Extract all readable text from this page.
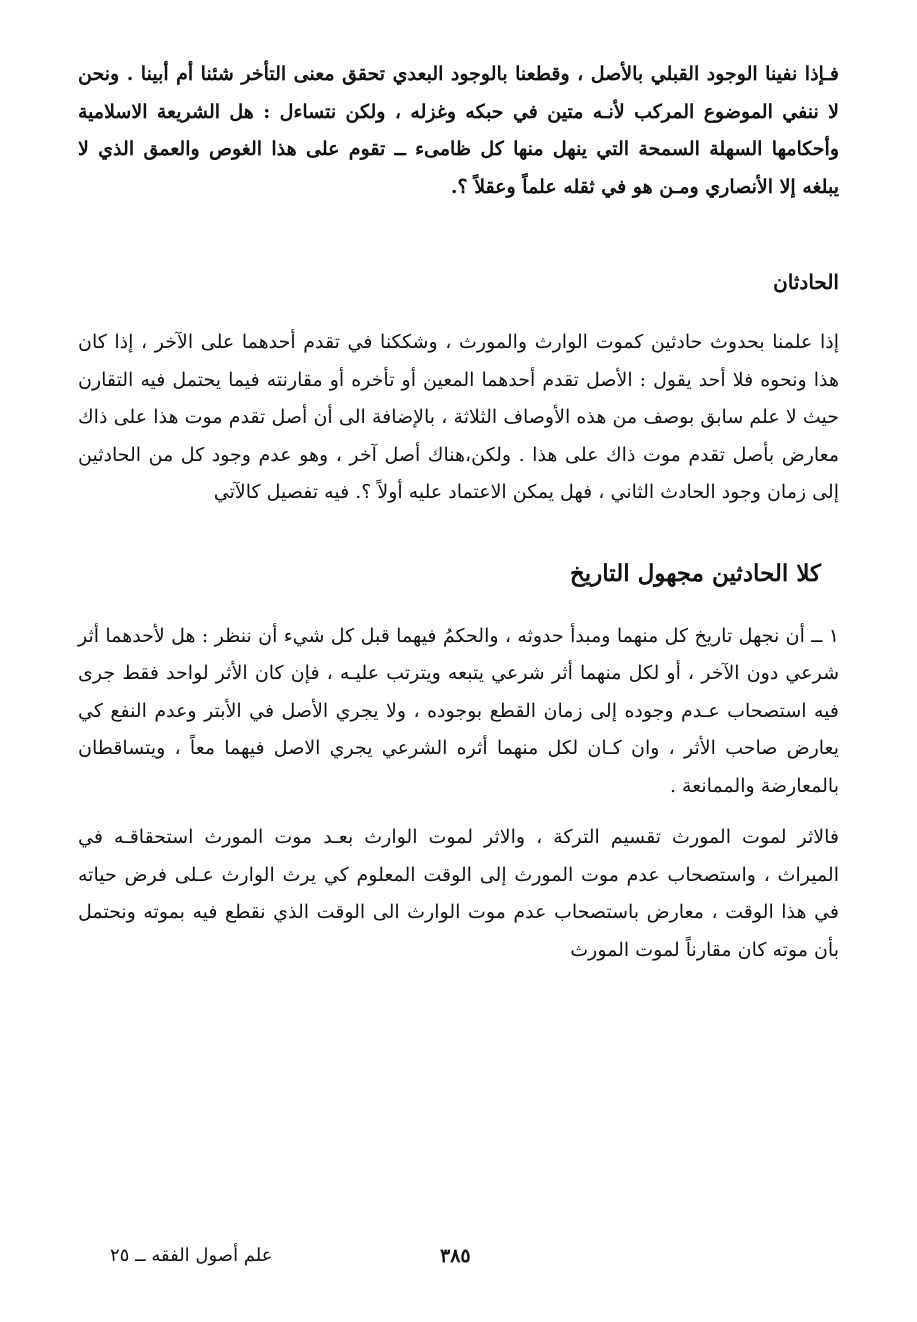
فـإذا نفينا الوجود القبلي بالأصل ، وقطعنا بالوجود البعدي تحقق معنى التأخر شئنا أم أبينا . ونحن لا ننفي الموضوع المركب لأنـه متين في حبكه وغزله ، ولكن نتساءل : هل الشريعة الاسلامية وأحكامها السهلة السمحة التي ينهل منها كل ظامىء ــ تقوم على هذا الغوص والعمق الذي لا يبلغه إلا الأنصاري ومـن هو في ثقله علماً وعقلاً ؟.

الحادثان

إذا علمنا بحدوث حادثين كموت الوارث والمورث ، وشككنا في تقدم أحدهما على الآخر ، إذا كان هذا ونحوه فلا أحد يقول : الأصل تقدم أحدهما المعين أو تأخره أو مقارنته فيما يحتمل فيه التقارن حيث لا علم سابق بوصف من هذه الأوصاف الثلاثة ، بالإضافة الى أن أصل تقدم موت هذا على ذاك معارض بأصل تقدم موت ذاك على هذا . ولكن،هناك أصل آخر ، وهو عدم وجود كل من الحادثين إلى زمان وجود الحادث الثاني ، فهل يمكن الاعتماد عليه أولاً ؟. فيه تفصيل كالآتي

كلا الحادثين مجهول التاريخ

١ ــ أن نجهل تاريخ كل منهما ومبدأ حدوثه ، والحكمُ فيهما قبل كل شيء أن ننظر : هل لأحدهما أثر شرعي دون الآخر ، أو لكل منهما أثر شرعي يتبعه ويترتب عليـه ، فإن كان الأثر لواحد فقط جرى فيه استصحاب عـدم وجوده إلى زمان القطع بوجوده ، ولا يجري الأصل في الأبتر وعدم النفع كي يعارض صاحب الأثر ، وان كـان لكل منهما أثره الشرعي يجري الاصل فيهما معاً ، ويتساقطان بالمعارضة والممانعة .

فالاثر لموت المورث تقسيم التركة ، والاثر لموت الوارث بعـد موت المورث استحقاقـه في الميراث ، واستصحاب عدم موت المورث إلى الوقت المعلوم كي يرث الوارث عـلى فرض حياته في هذا الوقت ، معارض باستصحاب عدم موت الوارث الى الوقت الذي نقطع فيه بموته ونحتمل بأن موته كان مقارناً لموت المورث

٣٨٥
علم أصول الفقه ــ ٢٥
